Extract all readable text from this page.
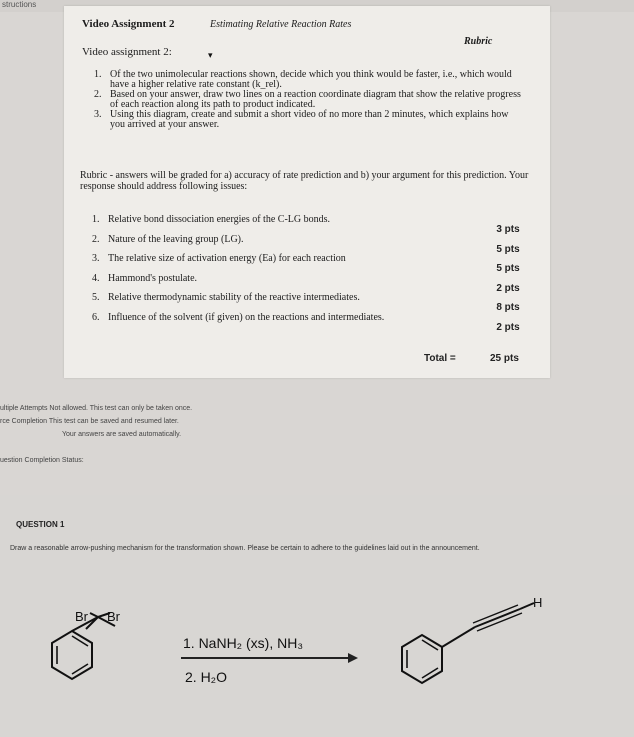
structions
Video Assignment 2	Estimating Relative Reaction Rates
Rubric
Video assignment 2:
1. Of the two unimolecular reactions shown, decide which you think would be faster, i.e., which would have a higher relative rate constant (k_rel).
2. Based on your answer, draw two lines on a reaction coordinate diagram that show the relative progress of each reaction along its path to product indicated.
3. Using this diagram, create and submit a short video of no more than 2 minutes, which explains how you arrived at your answer.
Rubric - answers will be graded for a) accuracy of rate prediction and b) your argument for this prediction. Your response should address following issues:
1. Relative bond dissociation energies of the C-LG bonds.
2. Nature of the leaving group (LG).
3. The relative size of activation energy (Ea) for each reaction
4. Hammond's postulate.
5. Relative thermodynamic stability of the reactive intermediates.
6. Influence of the solvent (if given) on the reactions and intermediates.
3 pts
5 pts
5 pts
2 pts
8 pts
2 pts
Total =	25 pts
▾
ultiple Attempts Not allowed. This test can only be taken once.
rce Completion This test can be saved and resumed later.
Your answers are saved automatically.
uestion Completion Status:
QUESTION 1
Draw a reasonable arrow-pushing mechanism for the transformation shown. Please be certain to adhere to the guidelines laid out in the announcement.
Br Br
1. NaNH₂ (xs), NH₃
2. H₂O
H
